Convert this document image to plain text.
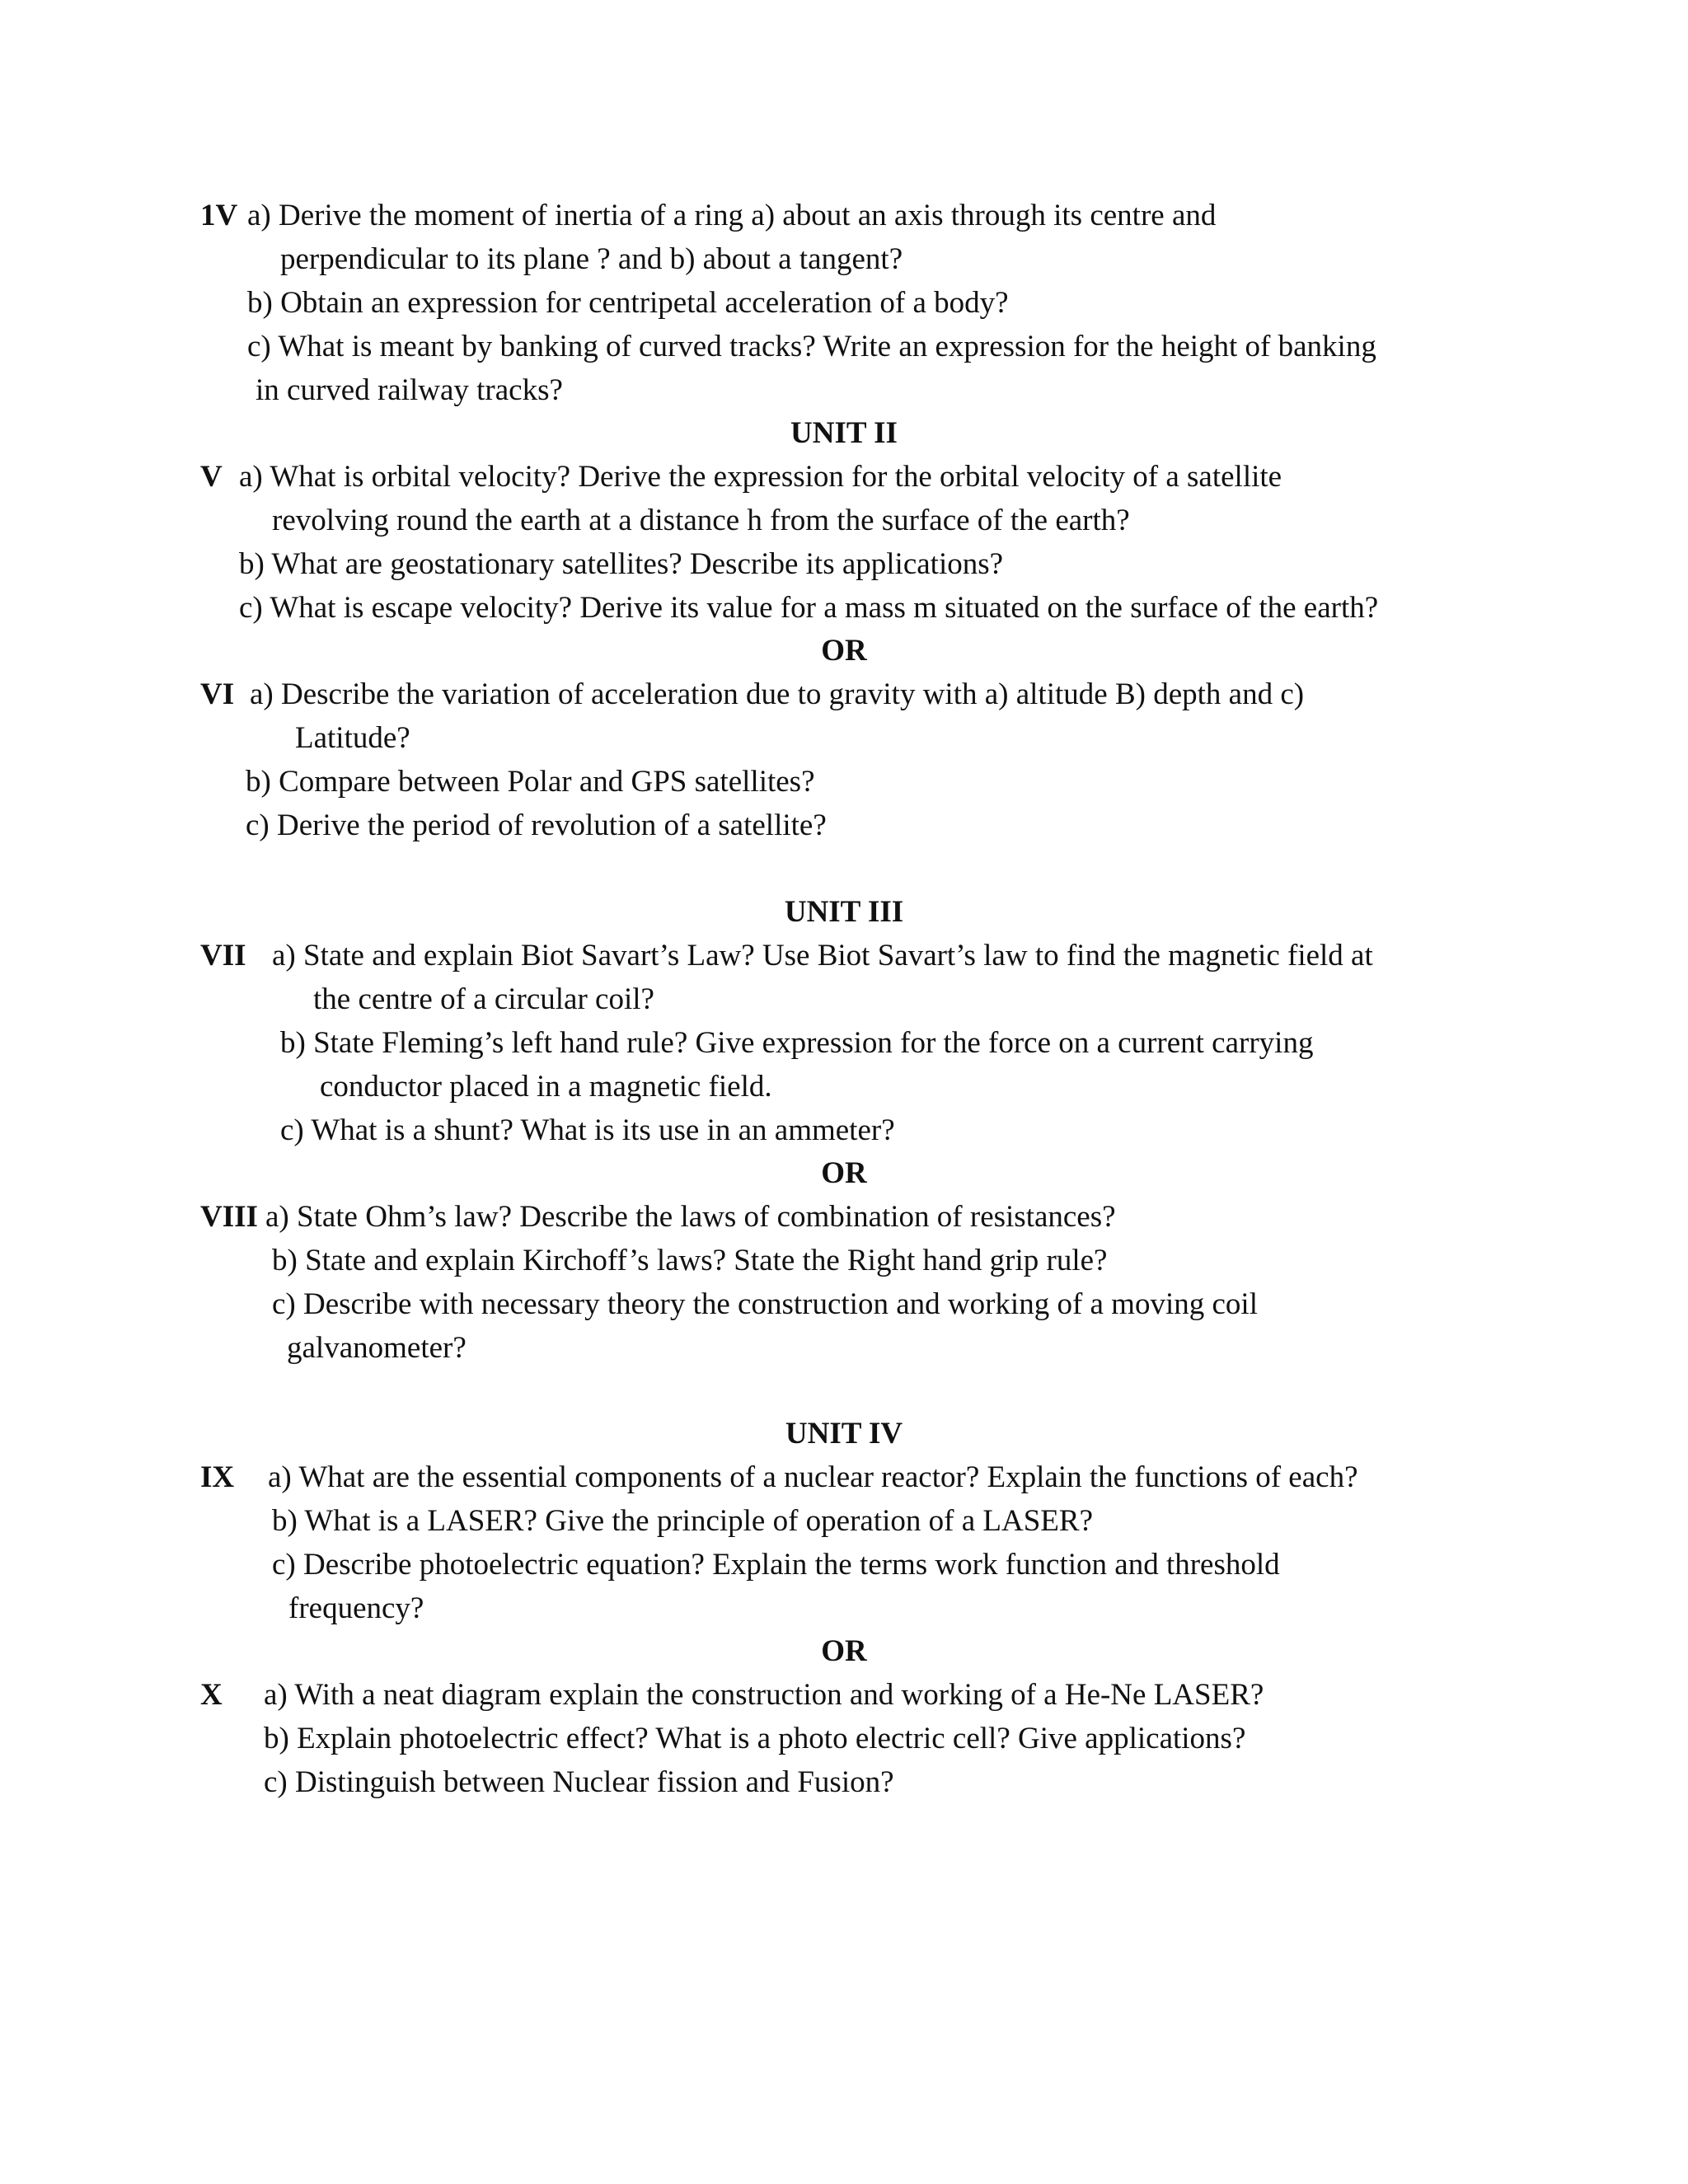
1V a) Derive the moment of inertia of a ring a) about an axis through its centre and
perpendicular to its plane ? and b) about a tangent?
b) Obtain an expression for centripetal acceleration of a body?
c) What is meant by banking of curved tracks? Write an expression for the height of banking
in curved railway tracks?
UNIT II
V a) What is orbital velocity? Derive the expression for the orbital velocity of a satellite
revolving round the earth at a distance h from the surface of the earth?
b) What are geostationary satellites? Describe its applications?
c) What is escape velocity? Derive its value for a mass m situated on the surface of the earth?
OR
VI a) Describe the variation of acceleration due to gravity with a) altitude B) depth and c)
Latitude?
b) Compare between Polar and GPS satellites?
c) Derive the period of revolution of a satellite?
UNIT III
VII a) State and explain Biot Savart’s Law? Use Biot Savart’s law to find the magnetic field at
the centre of a circular coil?
b) State Fleming’s left hand rule? Give expression for the force on a current carrying
conductor placed in a magnetic field.
c) What is a shunt? What is its use in an ammeter?
OR
VIII a) State Ohm’s law? Describe the laws of combination of resistances?
b) State and explain Kirchoff’s laws? State the Right hand grip rule?
c) Describe with necessary theory the construction and working of a moving coil
galvanometer?
UNIT IV
IX a) What are the essential components of a nuclear reactor? Explain the functions of each?
b) What is a LASER? Give the principle of operation of a LASER?
c) Describe photoelectric equation? Explain the terms work function and threshold
frequency?
OR
X a) With a neat diagram explain the construction and working of a He-Ne LASER?
b) Explain photoelectric effect? What is a photo electric cell? Give applications?
c) Distinguish between Nuclear fission and Fusion?
